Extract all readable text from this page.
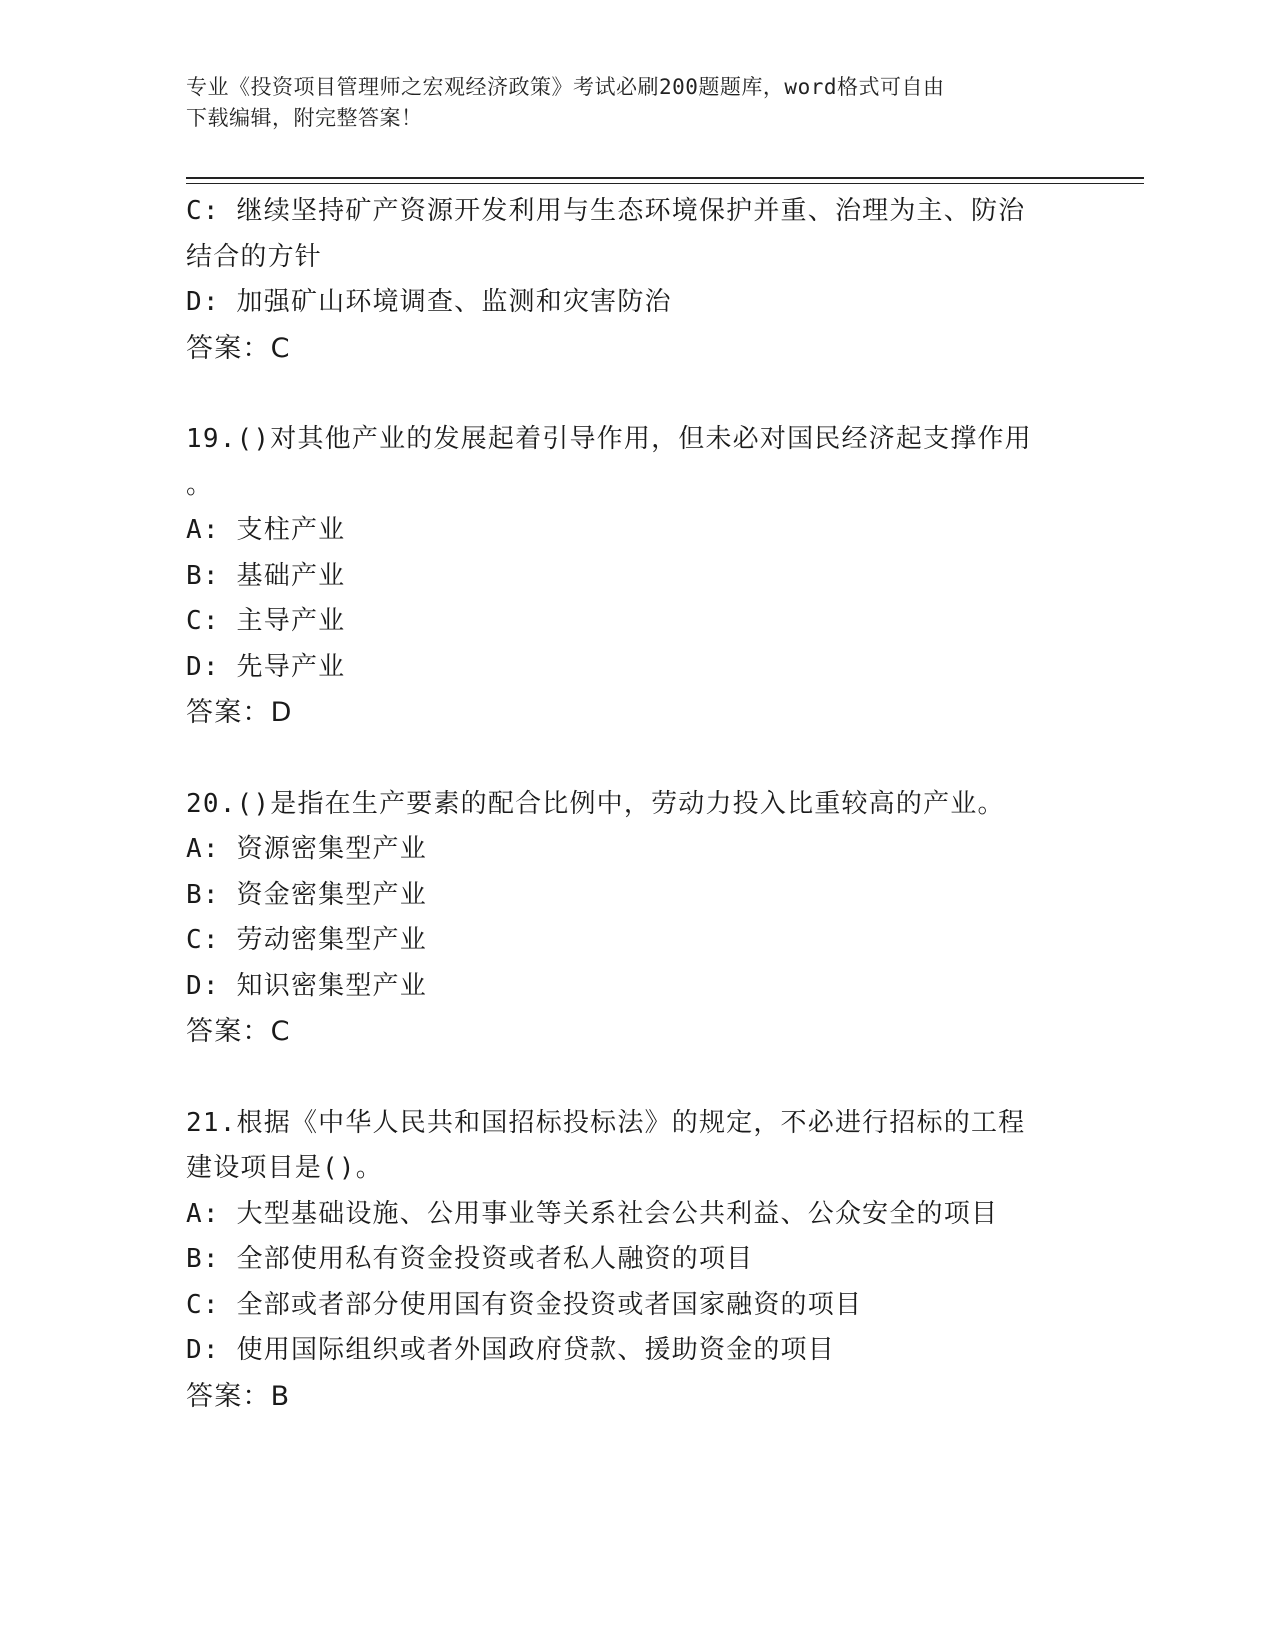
专业《投资项目管理师之宏观经济政策》考试必刷200题题库，word格式可自由
下载编辑，附完整答案！
C: 继续坚持矿产资源开发利用与生态环境保护并重、治理为主、防治
结合的方针
D: 加强矿山环境调查、监测和灾害防治
答案：C
19.()对其他产业的发展起着引导作用，但未必对国民经济起支撑作用
。
A: 支柱产业
B: 基础产业
C: 主导产业
D: 先导产业
答案：D
20.()是指在生产要素的配合比例中，劳动力投入比重较高的产业。
A: 资源密集型产业
B: 资金密集型产业
C: 劳动密集型产业
D: 知识密集型产业
答案：C
21.根据《中华人民共和国招标投标法》的规定，不必进行招标的工程
建设项目是()。
A: 大型基础设施、公用事业等关系社会公共利益、公众安全的项目
B: 全部使用私有资金投资或者私人融资的项目
C: 全部或者部分使用国有资金投资或者国家融资的项目
D: 使用国际组织或者外国政府贷款、援助资金的项目
答案：B
